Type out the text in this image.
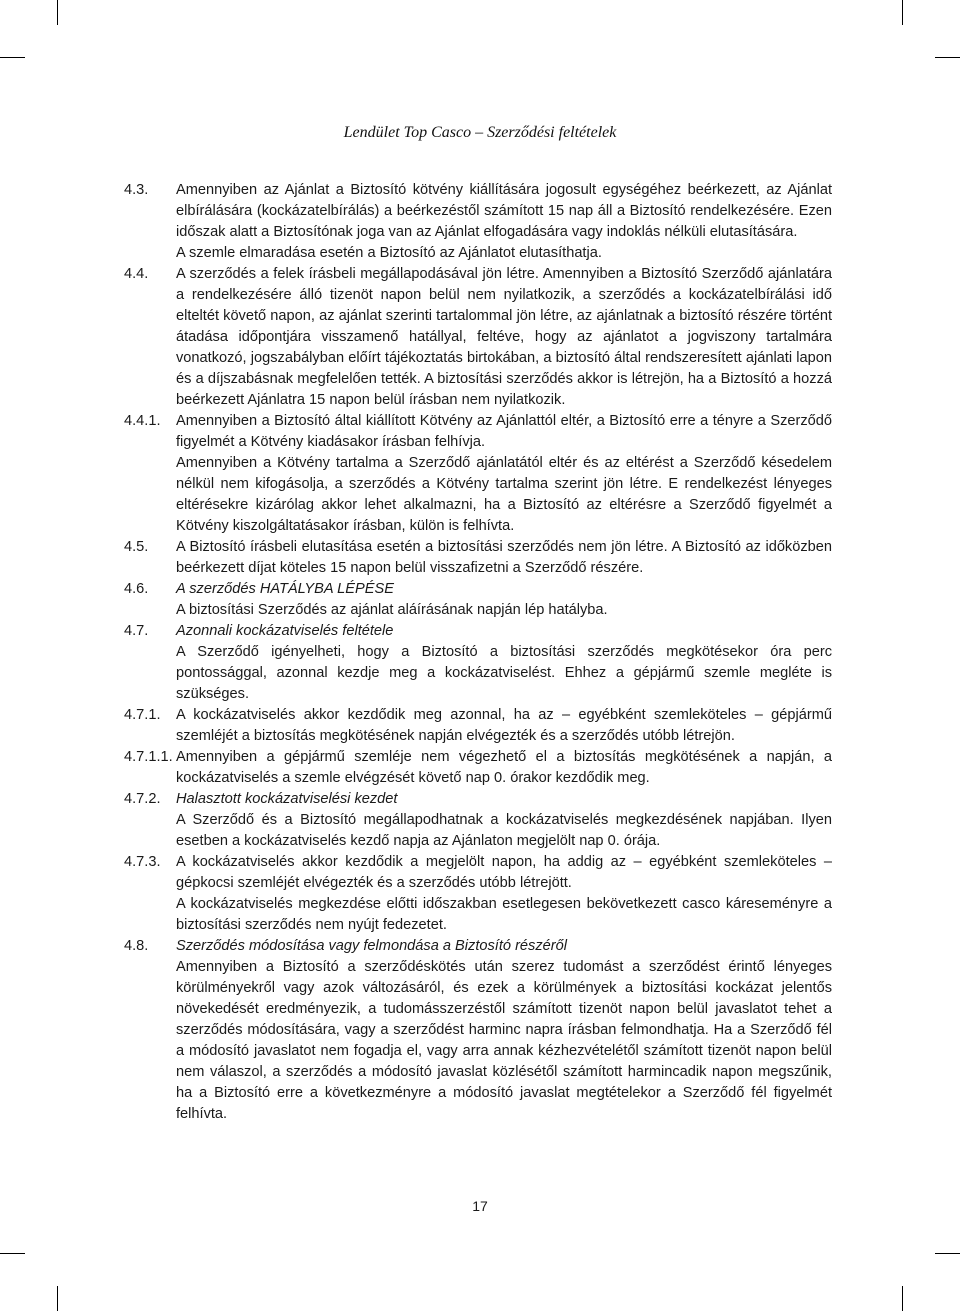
Lendület Top Casco – Szerződési feltételek
4.3. Amennyiben az Ajánlat a Biztosító kötvény kiállítására jogosult egységéhez beérkezett, az Ajánlat elbírálására (kockázatelbírálás) a beérkezéstől számított 15 nap áll a Biztosító rendelkezésére. Ezen időszak alatt a Biztosítónak joga van az Ajánlat elfogadására vagy indoklás nélküli elutasítására.

A szemle elmaradása esetén a Biztosító az Ajánlatot elutasíthatja.

4.4. A szerződés a felek írásbeli megállapodásával jön létre. Amennyiben a Biztosító Szerződő ajánlatára a rendelkezésére álló tizenöt napon belül nem nyilatkozik, a szerződés a kockázatelbírálási idő elteltét követő napon, az ajánlat szerinti tartalommal jön létre, az ajánlatnak a biztosító részére történt átadása időpontjára visszamenő hatállyal, feltéve, hogy az ajánlatot a jogviszony tartalmára vonatkozó, jogszabályban előírt tájékoztatás birtokában, a biztosító által rendszeresített ajánlati lapon és a díjszabásnak megfelelően tették. A biztosítási szerződés akkor is létrejön, ha a Biztosító a hozzá beérkezett Ajánlatra 15 napon belül írásban nem nyilatkozik.

4.4.1. Amennyiben a Biztosító által kiállított Kötvény az Ajánlattól eltér, a Biztosító erre a tényre a Szerződő figyelmét a Kötvény kiadásakor írásban felhívja.

Amennyiben a Kötvény tartalma a Szerződő ajánlatától eltér és az eltérést a Szerződő késedelem nélkül nem kifogásolja, a szerződés a Kötvény tartalma szerint jön létre. E rendelkezést lényeges eltérésekre kizárólag akkor lehet alkalmazni, ha a Biztosító az eltérésre a Szerződő figyelmét a Kötvény kiszolgáltatásakor írásban, külön is felhívta.

4.5. A Biztosító írásbeli elutasítása esetén a biztosítási szerződés nem jön létre. A Biztosító az időközben beérkezett díjat köteles 15 napon belül visszafizetni a Szerződő részére.

4.6. A szerződés HATÁLYBA LÉPÉSE

A biztosítási Szerződés az ajánlat aláírásának napján lép hatályba.

4.7. Azonnali kockázatviselés feltétele

A Szerződő igényelheti, hogy a Biztosító a biztosítási szerződés megkötésekor óra perc pontossággal, azonnal kezdje meg a kockázatviselést. Ehhez a gépjármű szemle megléte is szükséges.

4.7.1. A kockázatviselés akkor kezdődik meg azonnal, ha az – egyébként szemleköteles – gépjármű szemléjét a biztosítás megkötésének napján elvégezték és a szerződés utóbb létrejön.

4.7.1.1. Amennyiben a gépjármű szemléje nem végezhető el a biztosítás megkötésének a napján, a kockázatviselés a szemle elvégzését követő nap 0. órakor kezdődik meg.

4.7.2. Halasztott kockázatviselési kezdet

A Szerződő és a Biztosító megállapodhatnak a kockázatviselés megkezdésének napjában. Ilyen esetben a kockázatviselés kezdő napja az Ajánlaton megjelölt nap 0. órája.

4.7.3. A kockázatviselés akkor kezdődik a megjelölt napon, ha addig az – egyébként szemleköteles – gépkocsi szemléjét elvégezték és a szerződés utóbb létrejött.

A kockázatviselés megkezdése előtti időszakban esetlegesen bekövetkezett casco káreseményre a biztosítási szerződés nem nyújt fedezetet.

4.8. Szerződés módosítása vagy felmondása a Biztosító részéről

Amennyiben a Biztosító a szerződéskötés után szerez tudomást a szerződést érintő lényeges körülményekről vagy azok változásáról, és ezek a körülmények a biztosítási kockázat jelentős növekedését eredményezik, a tudomásszerzéstől számított tizenöt napon belül javaslatot tehet a szerződés módosítására, vagy a szerződést harminc napra írásban felmondhatja. Ha a Szerződő fél a módosító javaslatot nem fogadja el, vagy arra annak kézhezvételétől számított tizenöt napon belül nem válaszol, a szerződés a módosító javaslat közlésétől számított harmincadik napon megszűnik, ha a Biztosító erre a következményre a módosító javaslat megtételekor a Szerződő fél figyelmét felhívta.

17
